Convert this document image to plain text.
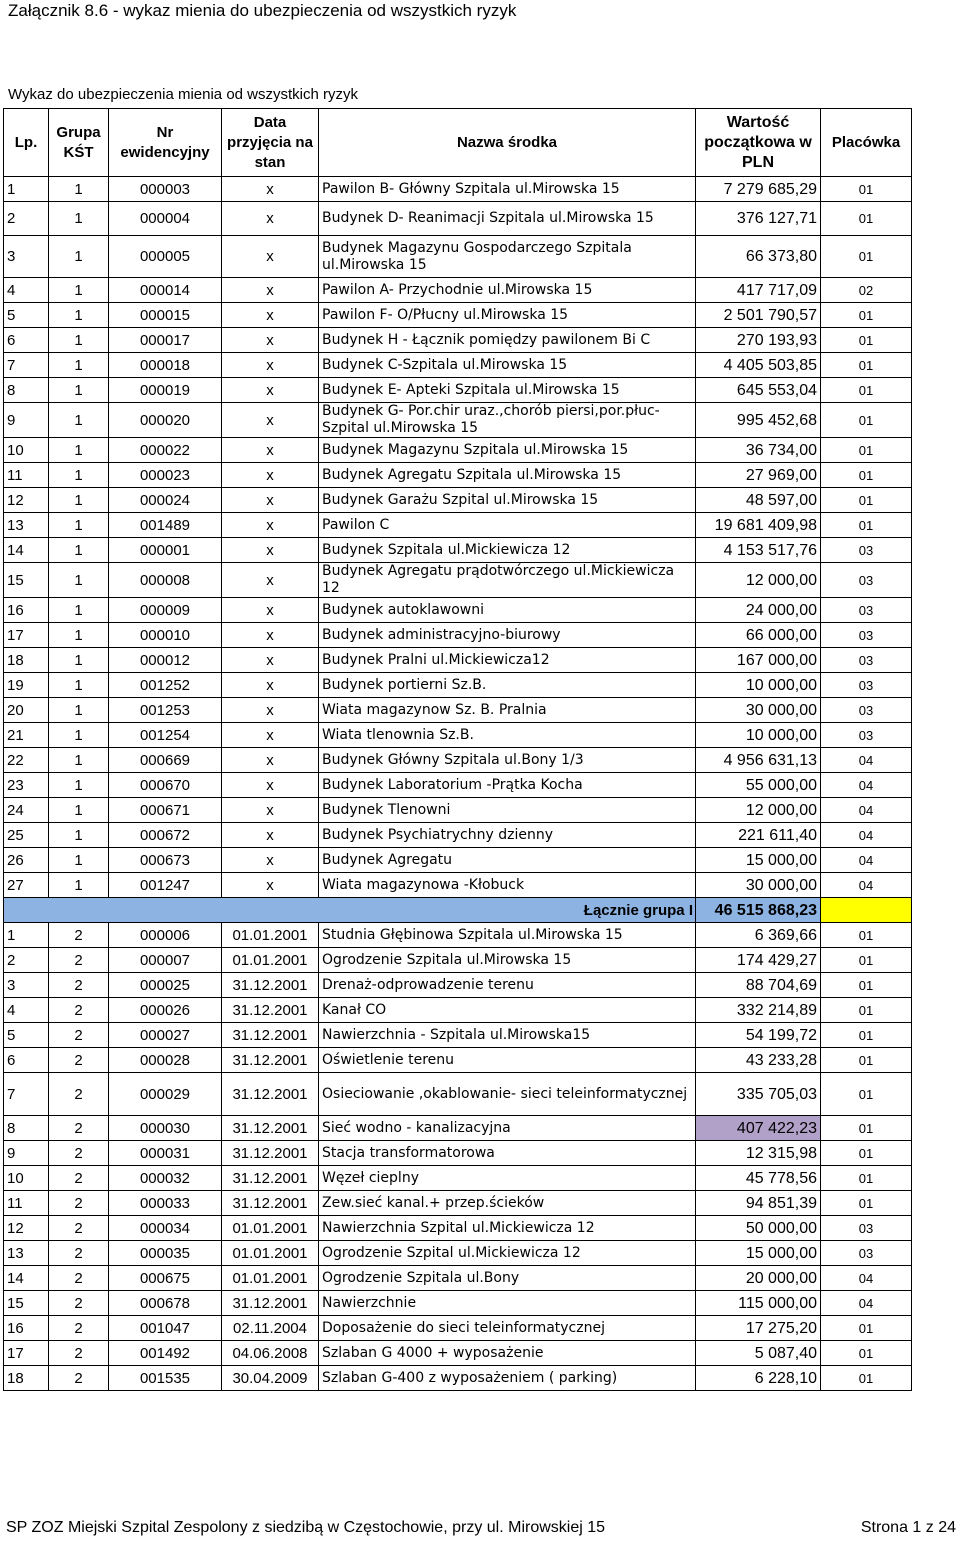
Załącznik 8.6 - wykaz mienia do ubezpieczenia od wszystkich ryzyk
Wykaz do ubezpieczenia mienia od wszystkich ryzyk
Lp.	Grupa KŚT	Nr ewidencyjny	Data przyjęcia na stan	Nazwa środka	Wartość początkowa w PLN	Placówka
1	1	000003	x	Pawilon B- Główny Szpitala ul.Mirowska 15	7 279 685,29	01
2	1	000004	x	Budynek D- Reanimacji Szpitala ul.Mirowska 15	376 127,71	01
3	1	000005	x	Budynek Magazynu Gospodarczego Szpitala ul.Mirowska 15	66 373,80	01
4	1	000014	x	Pawilon A- Przychodnie ul.Mirowska 15	417 717,09	02
5	1	000015	x	Pawilon F- O/Płucny ul.Mirowska 15	2 501 790,57	01
6	1	000017	x	Budynek H - Łącznik pomiędzy pawilonem Bi C	270 193,93	01
7	1	000018	x	Budynek C-Szpitala ul.Mirowska 15	4 405 503,85	01
8	1	000019	x	Budynek E- Apteki Szpitala ul.Mirowska 15	645 553,04	01
9	1	000020	x	Budynek G- Por.chir uraz.,chorób piersi,por.płuc- Szpital ul.Mirowska 15	995 452,68	01
10	1	000022	x	Budynek Magazynu Szpitala ul.Mirowska 15	36 734,00	01
11	1	000023	x	Budynek Agregatu Szpitala ul.Mirowska 15	27 969,00	01
12	1	000024	x	Budynek Garażu Szpital ul.Mirowska 15	48 597,00	01
13	1	001489	x	Pawilon C	19 681 409,98	01
14	1	000001	x	Budynek Szpitala ul.Mickiewicza 12	4 153 517,76	03
15	1	000008	x	Budynek Agregatu prądotwórczego ul.Mickiewicza 12	12 000,00	03
16	1	000009	x	Budynek autoklawowni	24 000,00	03
17	1	000010	x	Budynek administracyjno-biurowy	66 000,00	03
18	1	000012	x	Budynek Pralni ul.Mickiewicza12	167 000,00	03
19	1	001252	x	Budynek portierni Sz.B.	10 000,00	03
20	1	001253	x	Wiata magazynow Sz. B. Pralnia	30 000,00	03
21	1	001254	x	Wiata tlenownia Sz.B.	10 000,00	03
22	1	000669	x	Budynek Główny Szpitala ul.Bony 1/3	4 956 631,13	04
23	1	000670	x	Budynek Laboratorium -Prątka Kocha	55 000,00	04
24	1	000671	x	Budynek Tlenowni	12 000,00	04
25	1	000672	x	Budynek Psychiatrychny dzienny	221 611,40	04
26	1	000673	x	Budynek Agregatu	15 000,00	04
27	1	001247	x	Wiata magazynowa -Kłobuck	30 000,00	04
Łącznie grupa I					46 515 868,23	
1	2	000006	01.01.2001	Studnia Głębinowa Szpitala ul.Mirowska 15	6 369,66	01
2	2	000007	01.01.2001	Ogrodzenie Szpitala ul.Mirowska 15	174 429,27	01
3	2	000025	31.12.2001	Drenaż-odprowadzenie terenu	88 704,69	01
4	2	000026	31.12.2001	Kanał CO	332 214,89	01
5	2	000027	31.12.2001	Nawierzchnia - Szpitala ul.Mirowska15	54 199,72	01
6	2	000028	31.12.2001	Oświetlenie terenu	43 233,28	01
7	2	000029	31.12.2001	Osieciowanie ,okablowanie- sieci teleinformatycznej	335 705,03	01
8	2	000030	31.12.2001	Sieć wodno - kanalizacyjna	407 422,23	01
9	2	000031	31.12.2001	Stacja transformatorowa	12 315,98	01
10	2	000032	31.12.2001	Węzeł cieplny	45 778,56	01
11	2	000033	31.12.2001	Zew.sieć kanal.+ przep.ścieków	94 851,39	01
12	2	000034	01.01.2001	Nawierzchnia Szpital ul.Mickiewicza 12	50 000,00	03
13	2	000035	01.01.2001	Ogrodzenie Szpital ul.Mickiewicza 12	15 000,00	03
14	2	000675	01.01.2001	Ogrodzenie Szpitala ul.Bony	20 000,00	04
15	2	000678	31.12.2001	Nawierzchnie	115 000,00	04
16	2	001047	02.11.2004	Doposażenie do sieci teleinformatycznej	17 275,20	01
17	2	001492	04.06.2008	Szlaban G 4000 + wyposażenie	5 087,40	01
18	2	001535	30.04.2009	Szlaban G-400 z wyposażeniem ( parking)	6 228,10	01
SP ZOZ Miejski Szpital Zespolony z siedzibą w Częstochowie, przy ul. Mirowskiej 15	Strona 1 z 24
